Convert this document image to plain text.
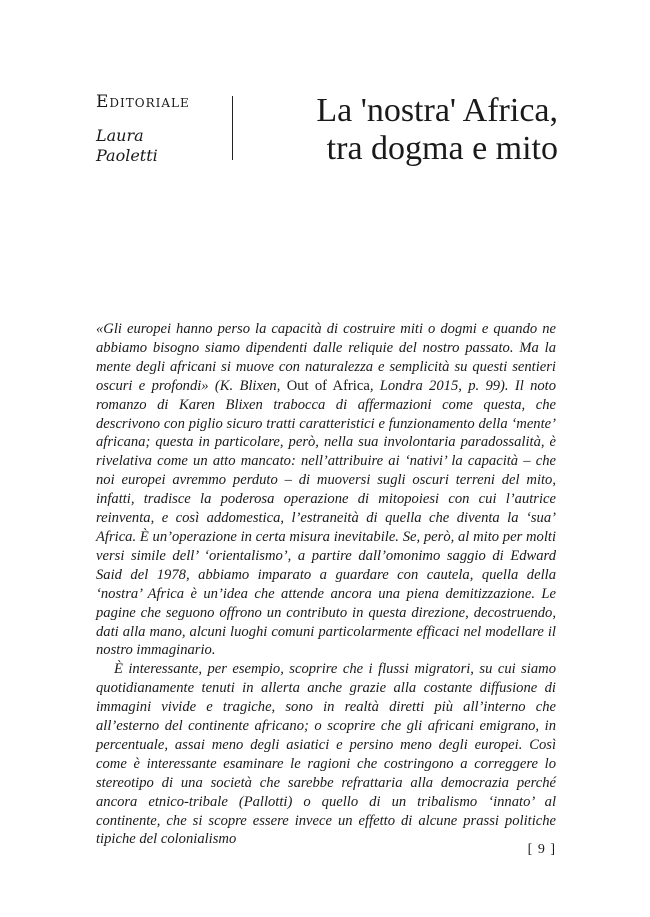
Editoriale
Laura
Paoletti
La 'nostra' Africa,
tra dogma e mito

«Gli europei hanno perso la capacità di costruire miti o dogmi e quando ne abbiamo bisogno siamo dipendenti dalle reliquie del nostro passato. Ma la mente degli africani si muove con naturalezza e semplicità su questi sentieri oscuri e profondi» (K. Blixen, Out of Africa, Londra 2015, p. 99). Il noto romanzo di Karen Blixen trabocca di affermazioni come questa, che descrivono con piglio sicuro tratti caratteristici e funzionamento della ‘mente’ africana; questa in particolare, però, nella sua involontaria paradossalità, è rivelativa come un atto mancato: nell’attribuire ai ‘nativi’ la capacità – che noi europei avremmo perduto – di muoversi sugli oscuri terreni del mito, infatti, tradisce la poderosa operazione di mitopoiesi con cui l’autrice reinventa, e così addomestica, l’estraneità di quella che diventa la ‘sua’ Africa. È un’operazione in certa misura inevitabile. Se, però, al mito per molti versi simile dell’ ‘orientalismo’, a partire dall’omonimo saggio di Edward Said del 1978, abbiamo imparato a guardare con cautela, quella della ‘nostra’ Africa è un’idea che attende ancora una piena demitizzazione. Le pagine che seguono offrono un contributo in questa direzione, decostruendo, dati alla mano, alcuni luoghi comuni particolarmente efficaci nel modellare il nostro immaginario.

È interessante, per esempio, scoprire che i flussi migratori, su cui siamo quotidianamente tenuti in allerta anche grazie alla costante diffusione di immagini vivide e tragiche, sono in realtà diretti più all’interno che all’esterno del continente africano; o scoprire che gli africani emigrano, in percentuale, assai meno degli asiatici e persino meno degli europei. Così come è interessante esaminare le ragioni che costringono a correggere lo stereotipo di una società che sarebbe refrattaria alla democrazia perché ancora etnico-tribale (Pallotti) o quello di un tribalismo ‘innato’ al continente, che si scopre essere invece un effetto di alcune prassi politiche tipiche del colonialismo

[ 9 ]
